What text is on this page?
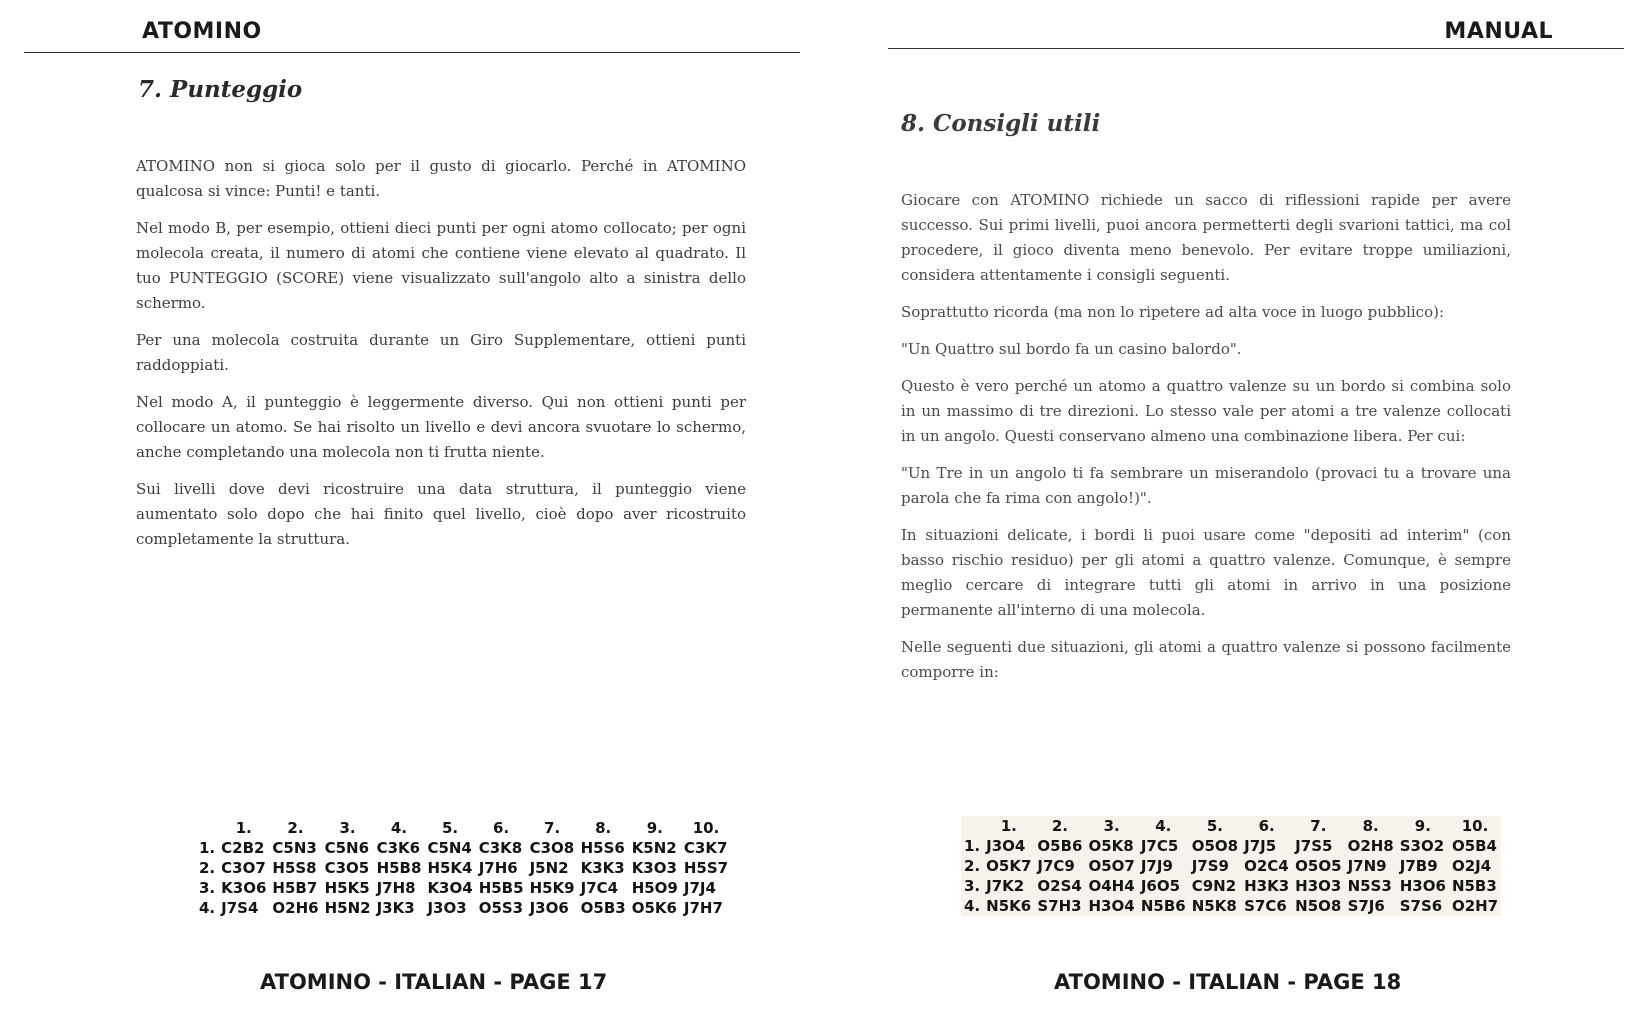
ATOMINO
7. Punteggio

ATOMINO non si gioca solo per il gusto di giocarlo. Perché in ATOMINO qualcosa si vince: Punti! e tanti.

Nel modo B, per esempio, ottieni dieci punti per ogni atomo collocato; per ogni molecola creata, il numero di atomi che contiene viene elevato al quadrato. Il tuo PUNTEGGIO (SCORE) viene visualizzato sull'angolo alto a sinistra dello schermo.

Per una molecola costruita durante un Giro Supplementare, ottieni punti raddoppiati.

Nel modo A, il punteggio è leggermente diverso. Qui non ottieni punti per collocare un atomo. Se hai risolto un livello e devi ancora svuotare lo schermo, anche completando una molecola non ti frutta niente.

Sui livelli dove devi ricostruire una data struttura, il punteggio viene aumentato solo dopo che hai finito quel livello, cioè dopo aver ricostruito completamente la struttura.

	1.	2.	3.	4.	5.	6.	7.	8.	9.	10.
1.	C2B2	C5N3	C5N6	C3K6	C5N4	C3K8	C3O8	H5S6	K5N2	C3K7
2.	C3O7	H5S8	C3O5	H5B8	H5K4	J7H6	J5N2	K3K3	K3O3	H5S7
3.	K3O6	H5B7	H5K5	J7H8	K3O4	H5B5	H5K9	J7C4	H5O9	J7J4
4.	J7S4	O2H6	H5N2	J3K3	J3O3	O5S3	J3O6	O5B3	O5K6	J7H7
ATOMINO - ITALIAN - PAGE 17
MANUAL
8. Consigli utili

Giocare con ATOMINO richiede un sacco di riflessioni rapide per avere successo. Sui primi livelli, puoi ancora permetterti degli svarioni tattici, ma col procedere, il gioco diventa meno benevolo. Per evitare troppe umiliazioni, considera attentamente i consigli seguenti.

Soprattutto ricorda (ma non lo ripetere ad alta voce in luogo pubblico):

"Un Quattro sul bordo fa un casino balordo".

Questo è vero perché un atomo a quattro valenze su un bordo si combina solo in un massimo di tre direzioni. Lo stesso vale per atomi a tre valenze collocati in un angolo. Questi conservano almeno una combinazione libera. Per cui:

"Un Tre in un angolo ti fa sembrare un miserandolo (provaci tu a trovare una parola che fa rima con angolo!)".

In situazioni delicate, i bordi li puoi usare come "depositi ad interim" (con basso rischio residuo) per gli atomi a quattro valenze. Comunque, è sempre meglio cercare di integrare tutti gli atomi in arrivo in una posizione permanente all'interno di una molecola.

Nelle seguenti due situazioni, gli atomi a quattro valenze si possono facilmente comporre in:

	1.	2.	3.	4.	5.	6.	7.	8.	9.	10.
1.	J3O4	O5B6	O5K8	J7C5	O5O8	J7J5	J7S5	O2H8	S3O2	O5B4
2.	O5K7	J7C9	O5O7	J7J9	J7S9	O2C4	O5O5	J7N9	J7B9	O2J4
3.	J7K2	O2S4	O4H4	J6O5	C9N2	H3K3	H3O3	N5S3	H3O6	N5B3
4.	N5K6	S7H3	H3O4	N5B6	N5K8	S7C6	N5O8	S7J6	S7S6	O2H7
ATOMINO - ITALIAN - PAGE 18
